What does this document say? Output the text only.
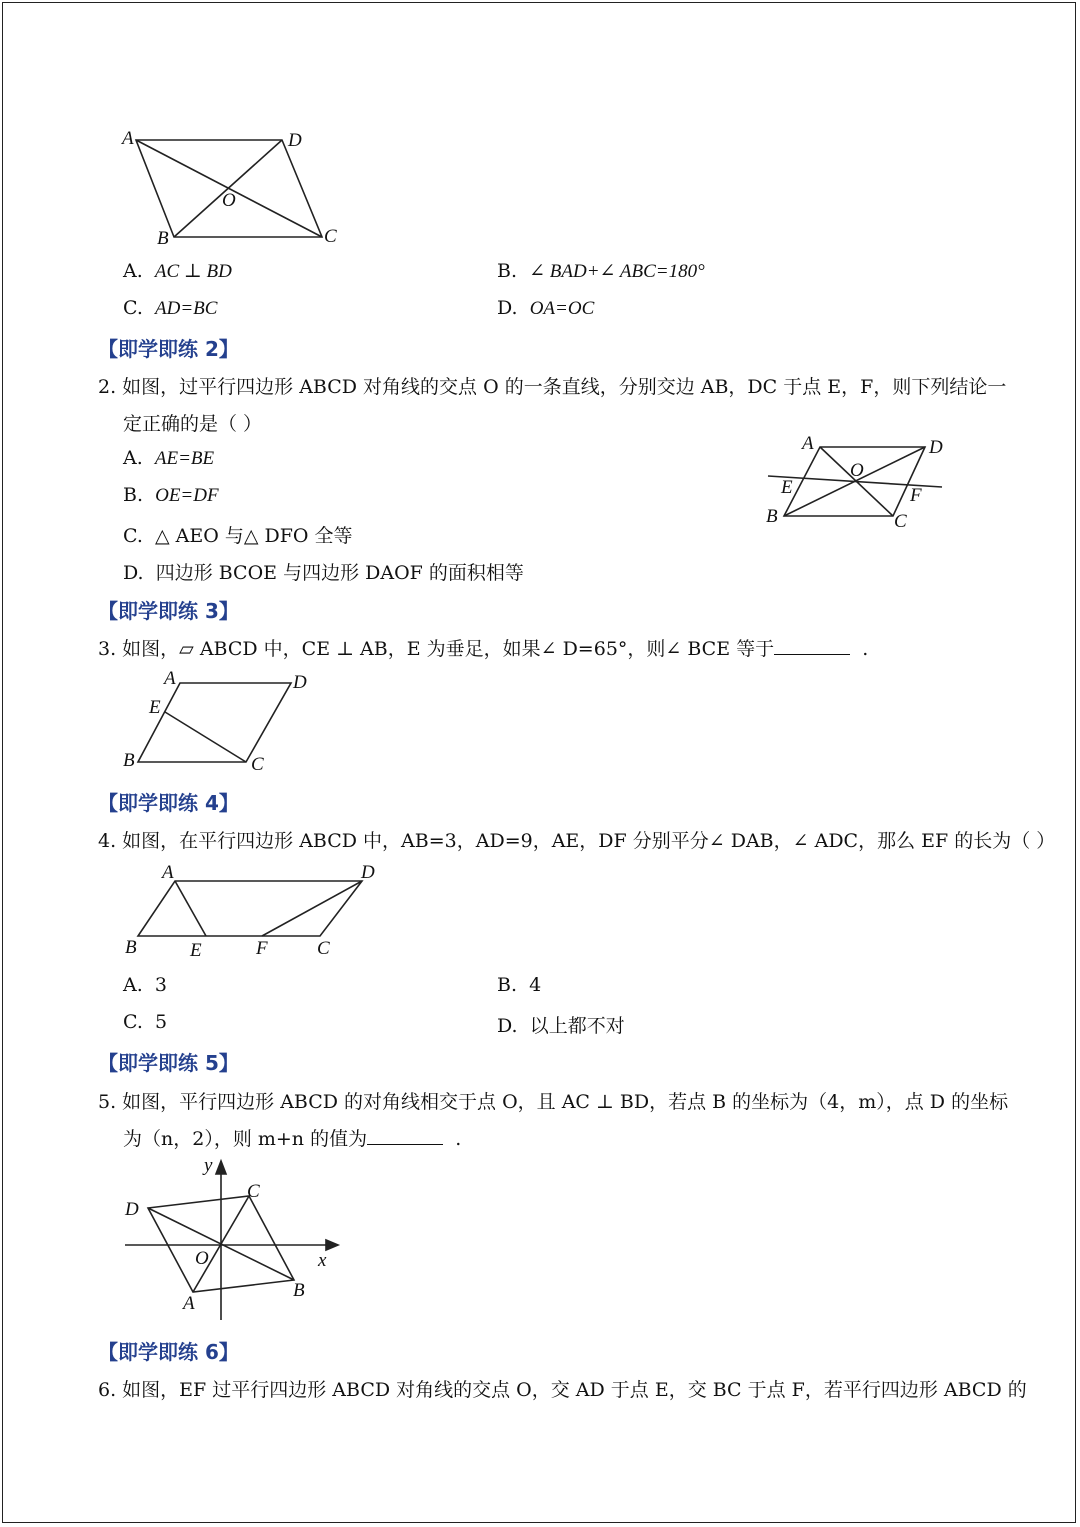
A	D
O
B	C
A. AC ⊥ BD	B. ∠ BAD+∠ ABC=180°
C. AD=BC	D. OA=OC
【即学即练 2】
2. 如图，过平行四边形 ABCD 对角线的交点 O 的一条直线，分别交边 AB，DC 于点 E，F，则下列结论一
定正确的是（ ）
A. AE=BE
B. OE=DF
C. △ AEO 与△ DFO 全等
D. 四边形 BCOE 与四边形 DAOF 的面积相等
A	D
O
E	F
B	C
【即学即练 3】
3. 如图，▱ ABCD 中，CE ⊥ AB，E 为垂足，如果∠ D=65°，则∠ BCE 等于	.
A	D
E
B	C
【即学即练 4】
4. 如图，在平行四边形 ABCD 中，AB=3，AD=9，AE，DF 分别平分∠ DAB，∠ ADC，那么 EF 的长为（ ）
A	D
B	E	F	C
A. 3	B. 4
C. 5	D. 以上都不对
【即学即练 5】
5. 如图，平行四边形 ABCD 的对角线相交于点 O，且 AC ⊥ BD，若点 B 的坐标为（4，m），点 D 的坐标
为（n，2），则 m+n 的值为	.
y
C
D
O	x
A
B
【即学即练 6】
6. 如图，EF 过平行四边形 ABCD 对角线的交点 O，交 AD 于点 E，交 BC 于点 F，若平行四边形 ABCD 的
